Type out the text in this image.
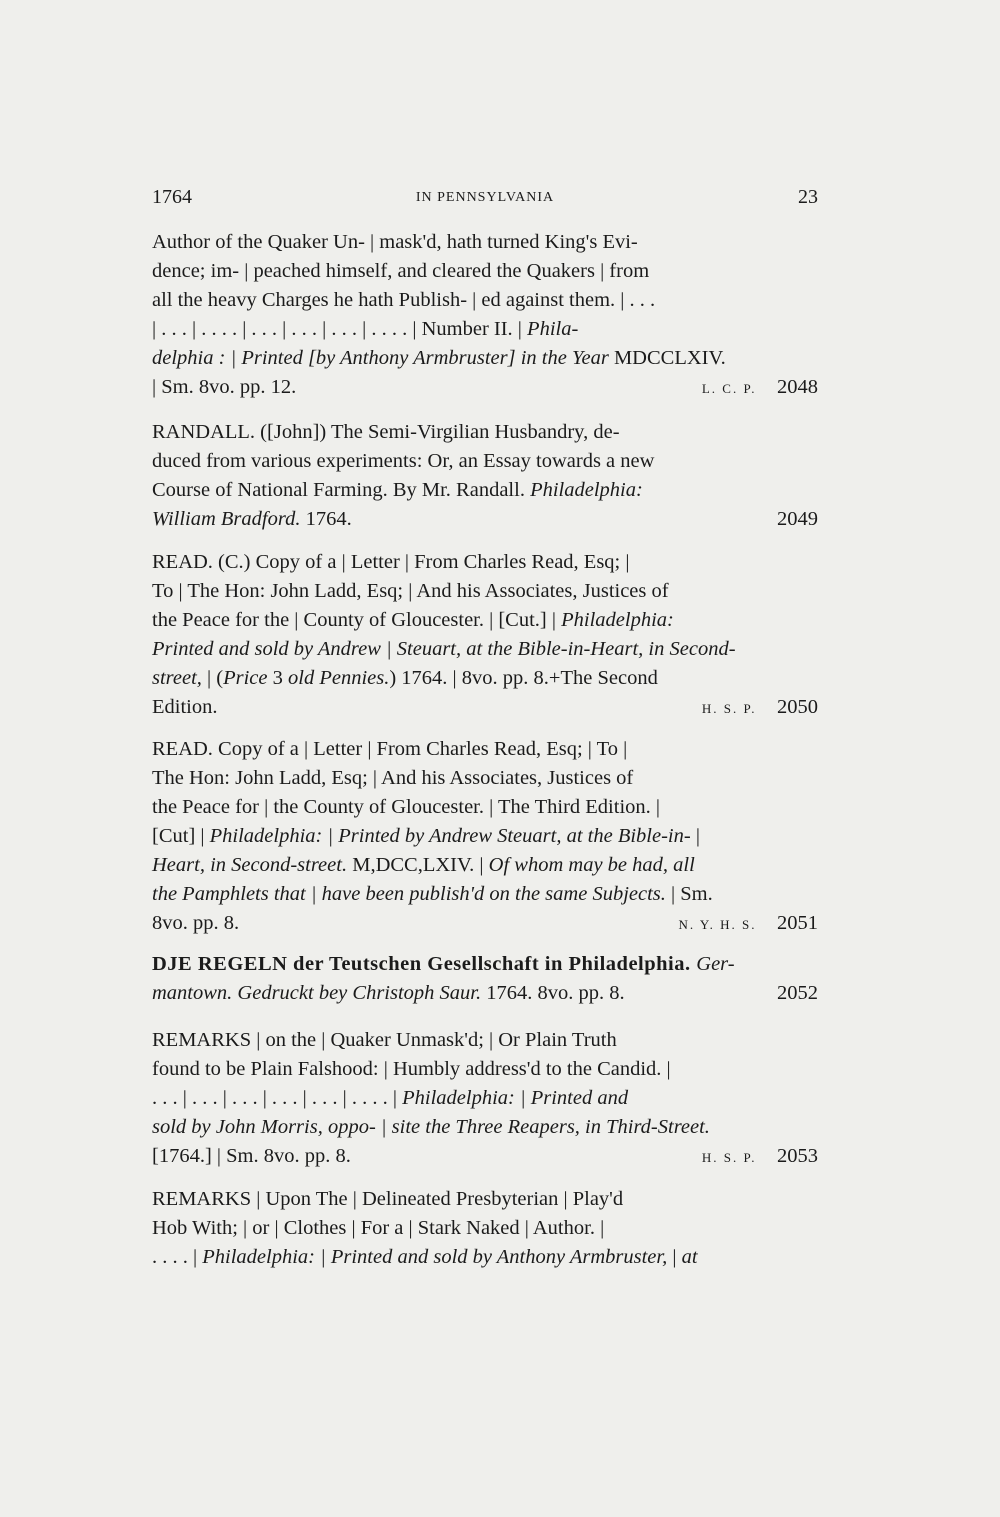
1764	IN PENNSYLVANIA	23

Author of the Quaker Un- | mask'd, hath turned King's Evi-

dence; im- | peached himself, and cleared the Quakers | from

all the heavy Charges he hath Publish- | ed against them. | . . .

| . . . | . . . . | . . . | . . . | . . . | . . . . | Number II. | Phila-

delphia : | Printed [by Anthony Armbruster] in the Year MDCCLXIV.

| Sm. 8vo. pp. 12.	L. C. P. 2048

RANDALL. ([John]) The Semi-Virgilian Husbandry, de-

duced from various experiments: Or, an Essay towards a new

Course of National Farming. By Mr. Randall. Philadelphia:

William Bradford. 1764.	2049

READ. (C.) Copy of a | Letter | From Charles Read, Esq; |

To | The Hon: John Ladd, Esq; | And his Associates, Justices of

the Peace for the | County of Gloucester. | [Cut.] | Philadelphia:

Printed and sold by Andrew | Steuart, at the Bible-in-Heart, in Second-

street, | (Price 3 old Pennies.) 1764. | 8vo. pp. 8.+The Second

Edition.	H. S. P. 2050

READ. Copy of a | Letter | From Charles Read, Esq; | To |

The Hon: John Ladd, Esq; | And his Associates, Justices of

the Peace for | the County of Gloucester. | The Third Edition. |

[Cut] | Philadelphia: | Printed by Andrew Steuart, at the Bible-in- |

Heart, in Second-street. M,DCC,LXIV. | Of whom may be had, all

the Pamphlets that | have been publish'd on the same Subjects. | Sm.

8vo. pp. 8.	N. Y. H. S. 2051

DJE REGELN der Teutschen Gesellschaft in Philadelphia. Ger-

mantown. Gedruckt bey Christoph Saur. 1764. 8vo. pp. 8.	2052

REMARKS | on the | Quaker Unmask'd; | Or Plain Truth

found to be Plain Falshood: | Humbly address'd to the Candid. |

. . . | . . . | . . . | . . . | . . . | . . . . | Philadelphia: | Printed and

sold by John Morris, oppo- | site the Three Reapers, in Third-Street.

[1764.] | Sm. 8vo. pp. 8.	H. S. P. 2053

REMARKS | Upon The | Delineated Presbyterian | Play'd

Hob With; | or | Clothes | For a | Stark Naked | Author. |

. . . . | Philadelphia: | Printed and sold by Anthony Armbruster, | at
